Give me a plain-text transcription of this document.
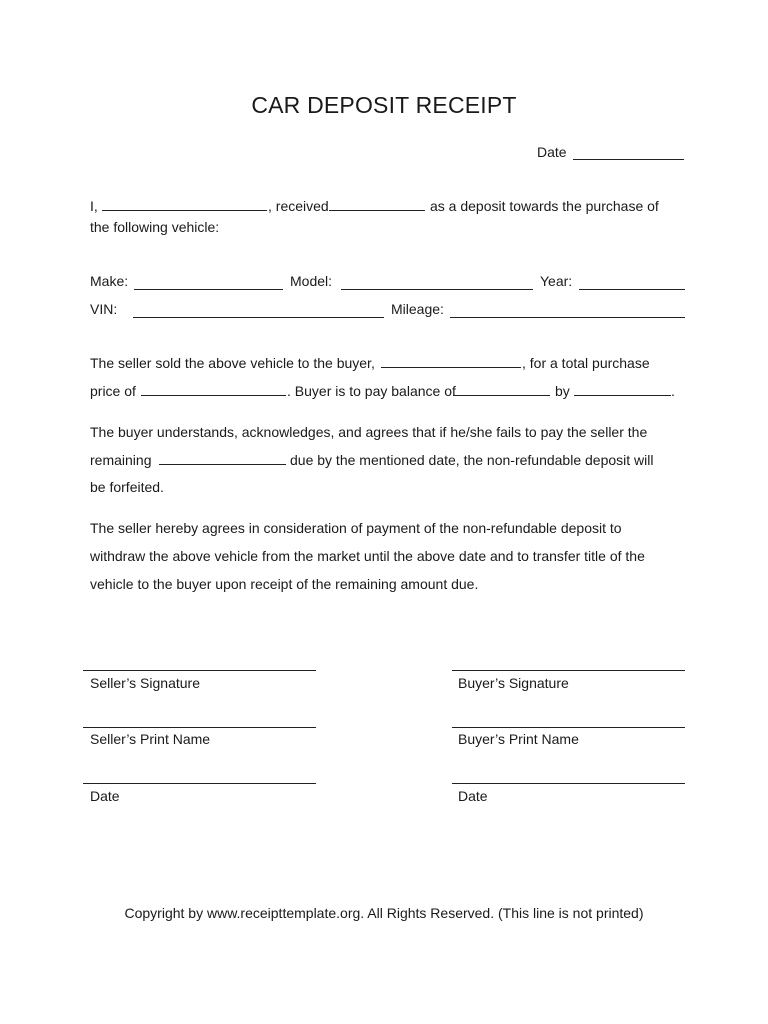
CAR DEPOSIT RECEIPT
Date
I,	, received	as a deposit towards the purchase of
the following vehicle:
Make:	Model:	Year:
VIN:	Mileage:
The seller sold the above vehicle to the buyer,	, for a total purchase
price of	. Buyer is to pay balance of	by	.
The buyer understands, acknowledges, and agrees that if he/she fails to pay the seller the
remaining	due by the mentioned date, the non-refundable deposit will
be forfeited.
The seller hereby agrees in consideration of payment of the non-refundable deposit to
withdraw the above vehicle from the market until the above date and to transfer title of the
vehicle to the buyer upon receipt of the remaining amount due.
Seller’s Signature	Buyer’s Signature
Seller’s Print Name	Buyer’s Print Name
Date	Date
Copyright by www.receipttemplate.org. All Rights Reserved. (This line is not printed)
